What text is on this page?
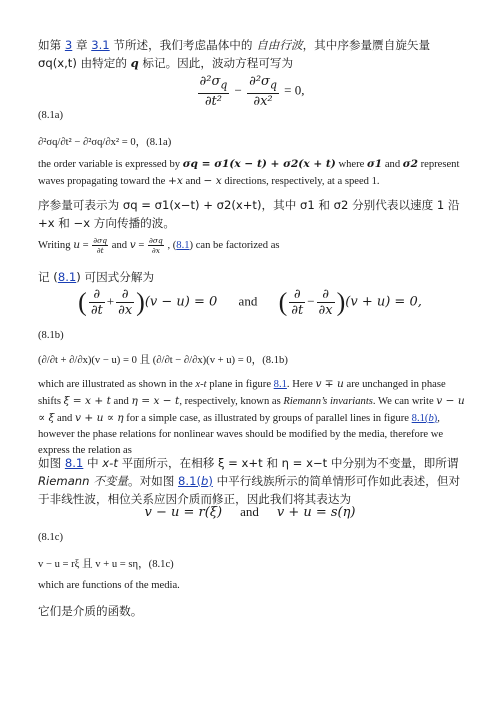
如第 3 章 3.1 节所述，我们考虑晶体中的 自由行波，其中序参量赝自旋矢量 σq(x,t) 由特定的 q 标记。因此，波动方程可写为

$\frac{\partial^2\sigma_q}{\text{∂t²}} - \frac{\partial^2\sigma_q}{\text{∂x²}} = 0$,

(8.1a)

∂²σq/∂t² − ∂²σq/∂x² = 0，(8.1a)

the order variable is expressed by σq = σ1(x − t) + σ2(x + t) where σ1 and σ2 represent waves propagating toward the +x and − x directions, respectively, at a speed 1.

序参量可表示为 σq = σ1(x−t) + σ2(x+t)，其中 σ1 和 σ2 分别代表以速度 1 沿 +x 和 −x 方向传播的波。

Writing $u = \frac{\partial\sigma q}{\partial t}$ and $v = \frac{\partial\sigma q}{\partial x}$ , (8.1) can be factorized as

记 (8.1) 可因式分解为

( $\frac{\partial}{\partial t} + \frac{\partial}{\partial x} )(v - u) = 0$ and ( $\frac{\partial}{\partial t} - \frac{\partial}{\partial x} )(v + u) = 0$,

(8.1b)

(∂/∂t + ∂/∂x)(v − u) = 0 且 (∂/∂t − ∂/∂x)(v + u) = 0，(8.1b)

which are illustrated as shown in the x-t plane in figure 8.1. Here v ∓ u are unchanged in phase shifts ξ = x + t and η = x − t, respectively, known as Riemann’s invariants. We can write v − u ∝ ξ and v + u ∝ η for a simple case, as illustrated by groups of parallel lines in figure 8.1(b), however the phase relations for nonlinear waves should be modified by the media, therefore we express the relation as

如图 8.1 中 x-t 平面所示，在相移 ξ = x+t 和 η = x−t 中分别为不变量，即所谓 Riemann 不变量。对如图 8.1(b) 中平行线族所示的简单情形可作如此表述，但对于非线性波，相位关系应因介质而修正，因此我们将其表达为

v − u = r(ξ) and v + u = s(η)

(8.1c)

v − u = rξ 且 v + u = sη，(8.1c)

which are functions of the media.

它们是介质的函数。
